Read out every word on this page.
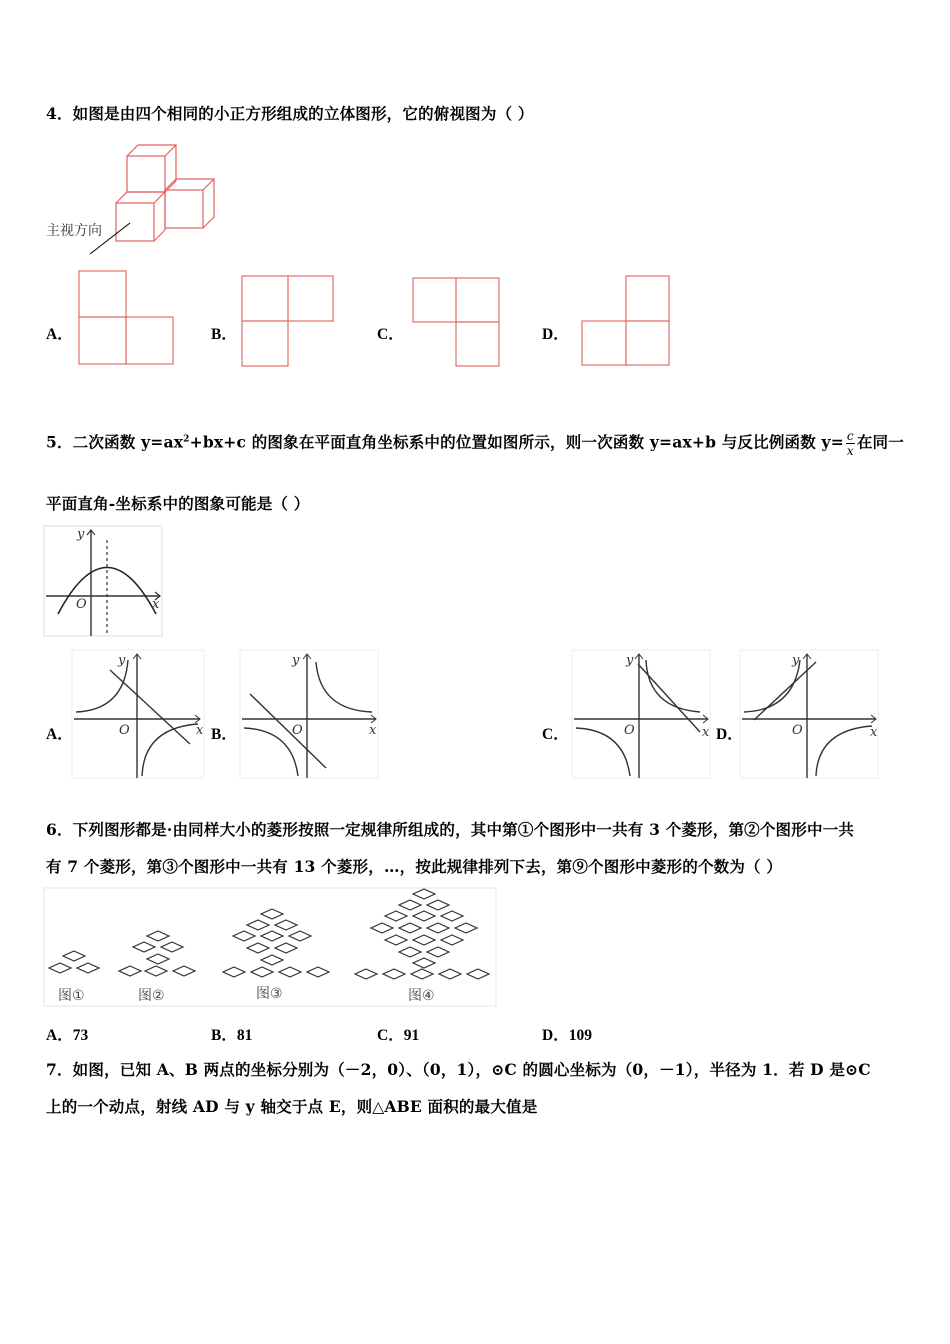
4．如图是由四个相同的小正方形组成的立体图形，它的俯视图为（ ）
主视方向
A．	B．	C．	D．
5．二次函数 $y=ax^2+bx+c$ 的图象在平面直角坐标系中的位置如图所示，则一次函数 y=ax+b 与反比例函数 $y= \frac{c}{x}$ 在同一
平面直角-坐标系中的图象可能是（ ）
y
x
O
A．
y
x
O	B．
y
x
O	C．
y
x
O	D．
y
x
O
6．下列图形都是·由同样大小的菱形按照一定规律所组成的，其中第①个图形中一共有 3 个菱形，第②个图形中一共
有 7 个菱形，第③个图形中一共有 13 个菱形，…，按此规律排列下去，第⑨个图形中菱形的个数为（ ）
图①	图②	图③	图④
A．73	B．81	C．91	D．109
7．如图，已知 A、B 两点的坐标分别为（－2，0）、（0，1），⊙C 的圆心坐标为（0，－1），半径为 1．若 D 是⊙C
上的一个动点，射线 AD 与 y 轴交于点 E，则△ABE 面积的最大值是
